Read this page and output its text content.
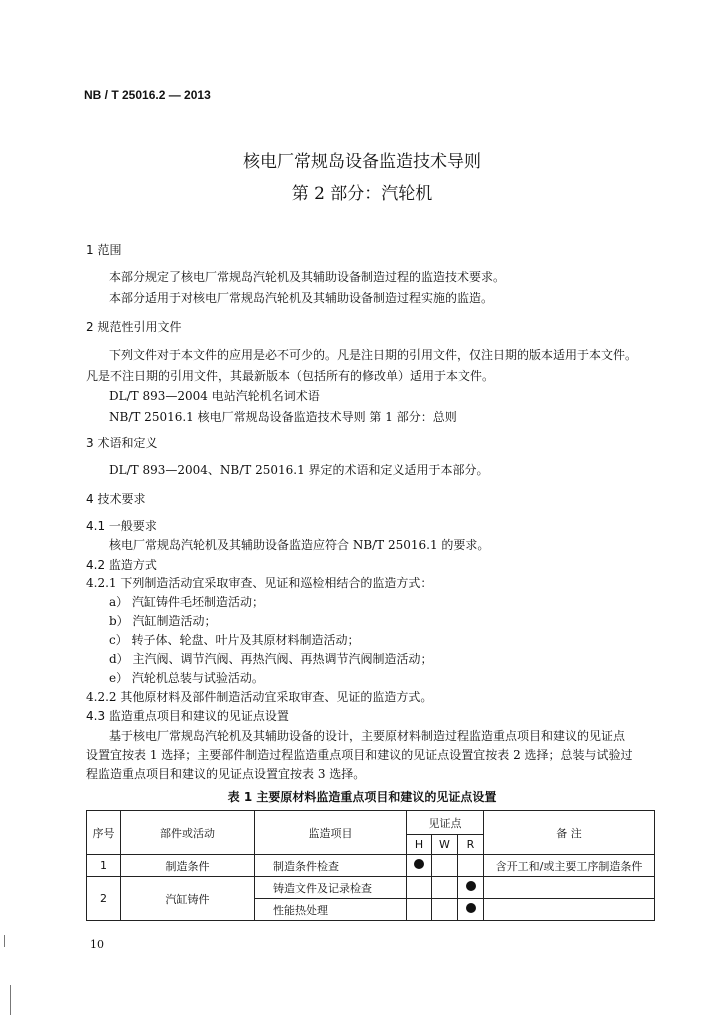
NB / T 25016.2 — 2013
核电厂常规岛设备监造技术导则
第 2 部分：汽轮机
1 范围
本部分规定了核电厂常规岛汽轮机及其辅助设备制造过程的监造技术要求。
本部分适用于对核电厂常规岛汽轮机及其辅助设备制造过程实施的监造。
2 规范性引用文件
下列文件对于本文件的应用是必不可少的。凡是注日期的引用文件，仅注日期的版本适用于本文件。
凡是不注日期的引用文件，其最新版本（包括所有的修改单）适用于本文件。
DL/T 893—2004 电站汽轮机名词术语
NB/T 25016.1 核电厂常规岛设备监造技术导则 第 1 部分：总则
3 术语和定义
DL/T 893—2004、NB/T 25016.1 界定的术语和定义适用于本部分。
4 技术要求
4.1 一般要求
核电厂常规岛汽轮机及其辅助设备监造应符合 NB/T 25016.1 的要求。
4.2 监造方式
4.2.1 下列制造活动宜采取审查、见证和巡检相结合的监造方式：
a） 汽缸铸件毛坯制造活动；
b） 汽缸制造活动；
c） 转子体、轮盘、叶片及其原材料制造活动；
d） 主汽阀、调节汽阀、再热汽阀、再热调节汽阀制造活动；
e） 汽轮机总装与试验活动。
4.2.2 其他原材料及部件制造活动宜采取审查、见证的监造方式。
4.3 监造重点项目和建议的见证点设置
基于核电厂常规岛汽轮机及其辅助设备的设计，主要原材料制造过程监造重点项目和建议的见证点
设置宜按表 1 选择；主要部件制造过程监造重点项目和建议的见证点设置宜按表 2 选择；总装与试验过
程监造重点项目和建议的见证点设置宜按表 3 选择。
表 1 主要原材料监造重点项目和建议的见证点设置
序号	部件或活动	监造项目	见证点			备 注
			H	W	R	
1	制造条件	制造条件检查				含开工和/或主要工序制造条件
2	汽缸铸件	铸造文件及记录检查				
		性能热处理				
10
